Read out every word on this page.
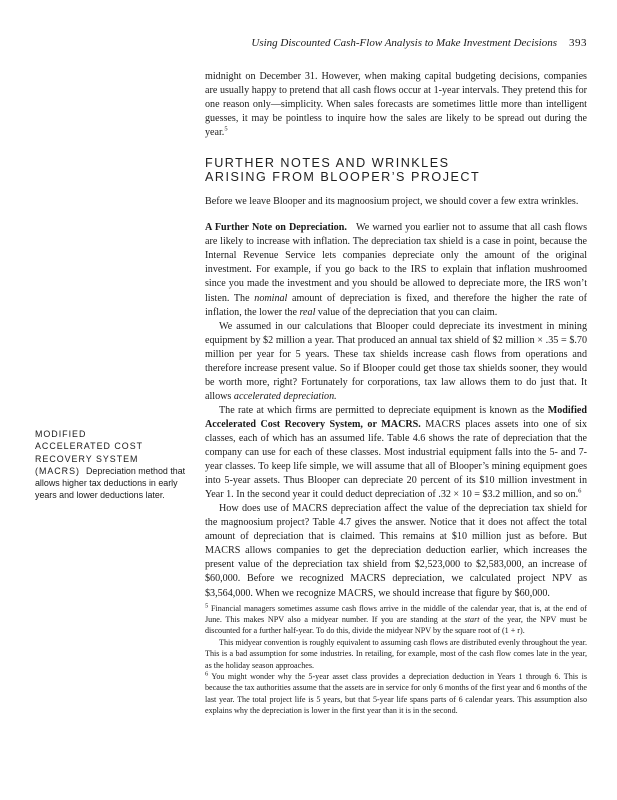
Using Discounted Cash-Flow Analysis to Make Investment Decisions 393

midnight on December 31. However, when making capital budgeting decisions, companies are usually happy to pretend that all cash flows occur at 1-year intervals. They pretend this for one reason only—simplicity. When sales forecasts are sometimes little more than intelligent guesses, it may be pointless to inquire how the sales are likely to be spread out during the year.$^5$

FURTHER NOTES AND WRINKLES
ARISING FROM BLOOPER’S PROJECT

Before we leave Blooper and its magnoosium project, we should cover a few extra wrinkles.

A Further Note on Depreciation. We warned you earlier not to assume that all cash flows are likely to increase with inflation. The depreciation tax shield is a case in point, because the Internal Revenue Service lets companies depreciate only the amount of the original investment. For example, if you go back to the IRS to explain that inflation mushroomed since you made the investment and you should be allowed to depreciate more, the IRS won’t listen. The nominal amount of depreciation is fixed, and therefore the higher the rate of inflation, the lower the real value of the depreciation that you can claim.

We assumed in our calculations that Blooper could depreciate its investment in mining equipment by $2 million a year. That produced an annual tax shield of $2 million × .35 = $.70 million per year for 5 years. These tax shields increase cash flows from operations and therefore increase present value. So if Blooper could get those tax shields sooner, they would be worth more, right? Fortunately for corporations, tax law allows them to do just that. It allows accelerated depreciation.

The rate at which firms are permitted to depreciate equipment is known as the Modified Accelerated Cost Recovery System, or MACRS. MACRS places assets into one of six classes, each of which has an assumed life. Table 4.6 shows the rate of depreciation that the company can use for each of these classes. Most industrial equipment falls into the 5- and 7-year classes. To keep life simple, we will assume that all of Blooper’s mining equipment goes into 5-year assets. Thus Blooper can depreciate 20 percent of its $10 million investment in Year 1. In the second year it could deduct depreciation of .32 × 10 = $3.2 million, and so on.$^6$

How does use of MACRS depreciation affect the value of the depreciation tax shield for the magnoosium project? Table 4.7 gives the answer. Notice that it does not affect the total amount of depreciation that is claimed. This remains at $10 million just as before. But MACRS allows companies to get the depreciation deduction earlier, which increases the present value of the depreciation tax shield from $2,523,000 to $2,583,000, an increase of $60,000. Before we recognized MACRS depreciation, we calculated project NPV as $3,564,000. When we recognize MACRS, we should increase that figure by $60,000.

$^5$ Financial managers sometimes assume cash flows arrive in the middle of the calendar year, that is, at the end of June. This makes NPV also a midyear number. If you are standing at the start of the year, the NPV must be discounted for a further half-year. To do this, divide the midyear NPV by the square root of (1 + r).

This midyear convention is roughly equivalent to assuming cash flows are distributed evenly throughout the year. This is a bad assumption for some industries. In retailing, for example, most of the cash flow comes late in the year, as the holiday season approaches.

$^6$ You might wonder why the 5-year asset class provides a depreciation deduction in Years 1 through 6. This is because the tax authorities assume that the assets are in service for only 6 months of the first year and 6 months of the last year. The total project life is 5 years, but that 5-year life spans parts of 6 calendar years. This assumption also explains why the depreciation is lower in the first year than it is in the second.

MODIFIED
ACCELERATED COST
RECOVERY SYSTEM
(MACRS) Depreciation method that allows higher tax deductions in early years and lower deductions later.
